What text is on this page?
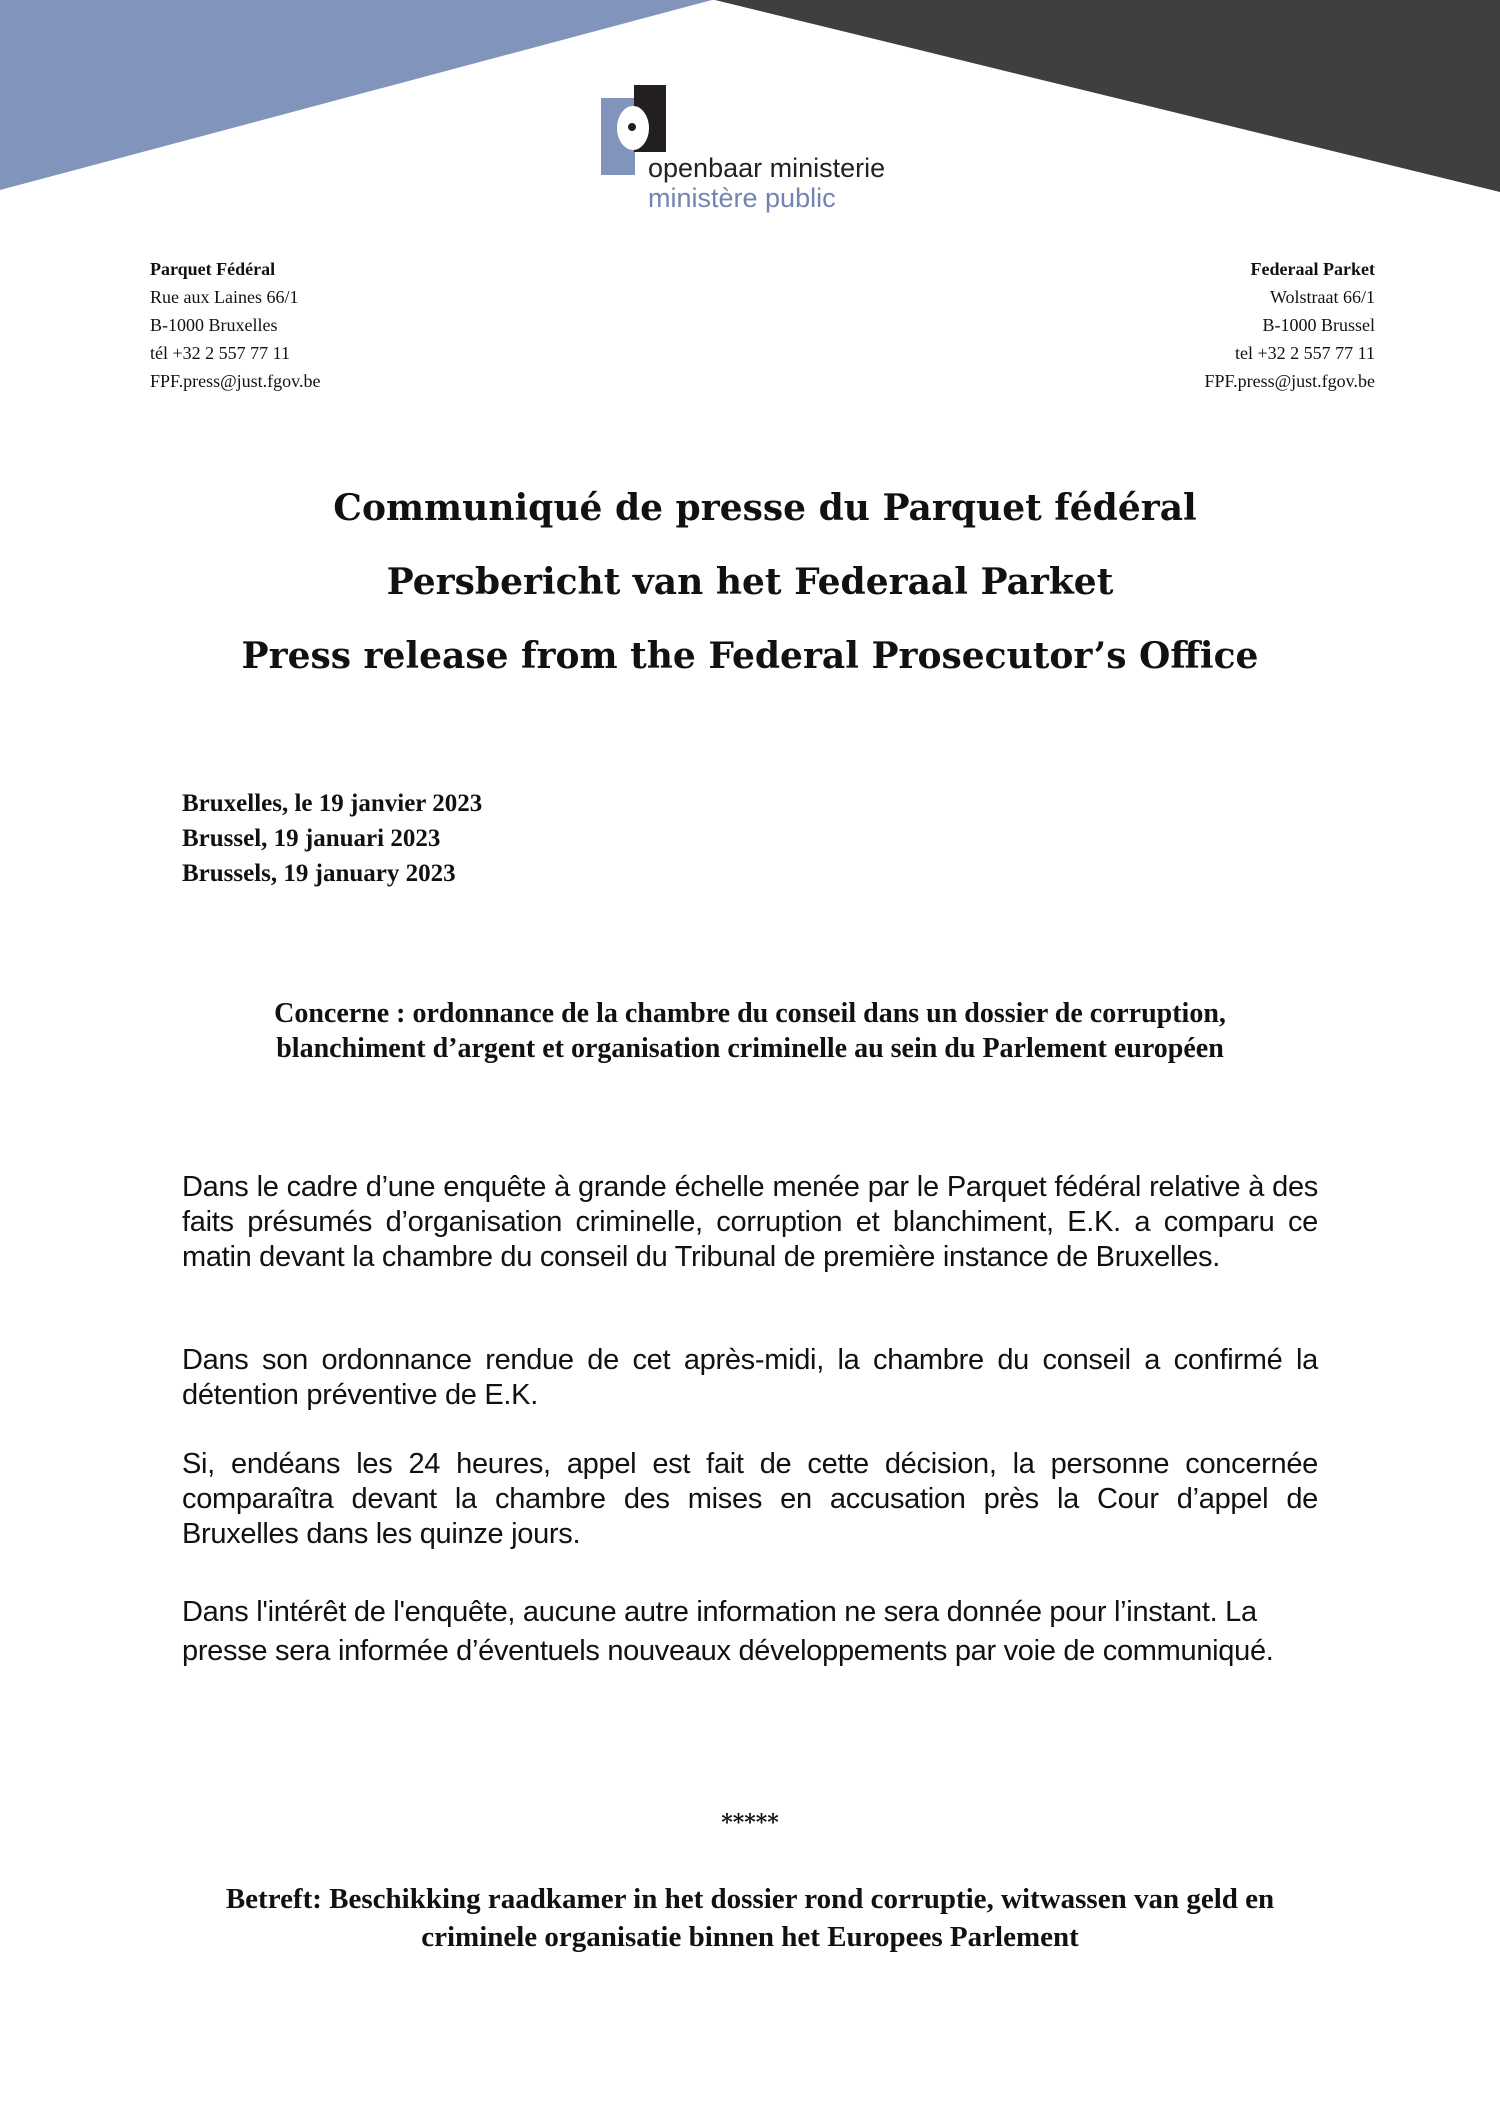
openbaar ministerie
ministère public
Parquet Fédéral
Rue aux Laines 66/1
B-1000 Bruxelles
tél +32 2 557 77 11
FPF.press@just.fgov.be
Federaal Parket
Wolstraat 66/1
B-1000 Brussel
tel +32 2 557 77 11
FPF.press@just.fgov.be
Communiqué de presse du Parquet fédéral
Persbericht van het Federaal Parket
Press release from the Federal Prosecutor’s Office
Bruxelles, le 19 janvier 2023
Brussel, 19 januari 2023
Brussels, 19 january 2023
Concerne : ordonnance de la chambre du conseil dans un dossier de corruption, blanchiment d’argent et organisation criminelle au sein du Parlement européen
Dans le cadre d’une enquête à grande échelle menée par le Parquet fédéral relative à des faits présumés d’organisation criminelle, corruption et blanchiment, E.K. a comparu ce matin devant la chambre du conseil du Tribunal de première instance de Bruxelles.
Dans son ordonnance rendue de cet après-midi, la chambre du conseil a confirmé la détention préventive de E.K.
Si, endéans les 24 heures, appel est fait de cette décision, la personne concernée comparaîtra devant la chambre des mises en accusation près la Cour d’appel de Bruxelles dans les quinze jours.
Dans l'intérêt de l'enquête, aucune autre information ne sera donnée pour l’instant. La presse sera informée d’éventuels nouveaux développements par voie de communiqué.
*****
Betreft: Beschikking raadkamer in het dossier rond corruptie, witwassen van geld en criminele organisatie binnen het Europees Parlement
